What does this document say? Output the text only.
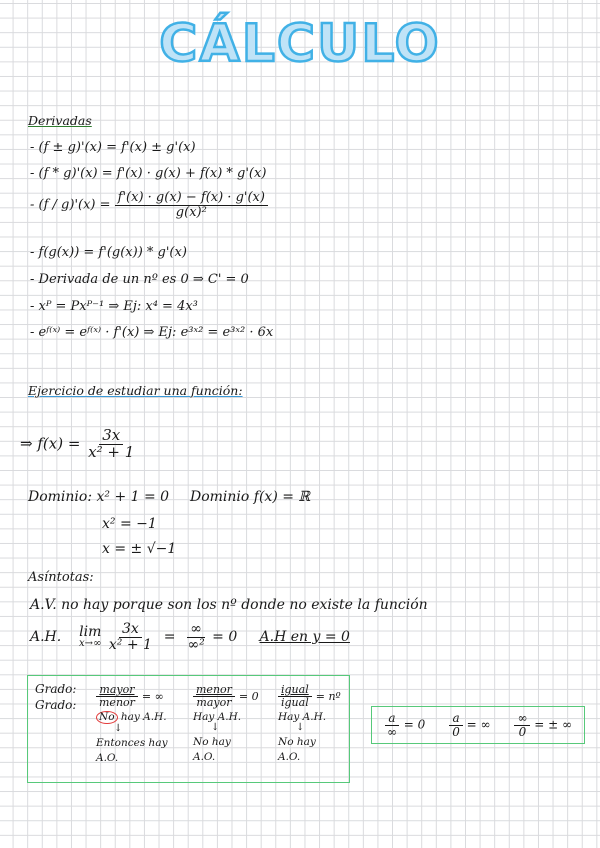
CÁLCULO
Derivadas
- (f ± g)'(x) = f'(x) ± g'(x)
- (f * g)'(x) = f'(x) · g(x) + f(x) * g'(x)
- $(f / g)'(x) = \frac{f'(x) \cdot g(x) - f(x) \cdot g'(x)}{\text{g(x)²}}$
- f(g(x)) = f'(g(x)) * g'(x)
- Derivada de un nº es 0 ⇒ C' = 0
- xᴾ = Pxᴾ⁻¹ ⇒ Ej: x⁴ = 4x³
- eᶠ⁽ˣ⁾ = eᶠ⁽ˣ⁾ · f'(x) ⇒ Ej: e³ˣ² = e³ˣ² · 6x
Ejercicio de estudiar una función:
⇒ $f(x) = \frac{3x}{\text{x² + 1}}$
Dominio: x² + 1 = 0 Dominio f(x) = ℝ
x² = −1
x = ± √−1
Asíntotas:
A.V. no hay porque son los nº donde no existe la función
A.H. lim
x→∞
$\frac{3x}{\text{x² + 1}} = \frac{\infty}{\text{∞²}} = 0$ A.H en y = 0
Grado:
Grado: $\frac{\text{mayor}}{\text{menor}}$ = ∞
No hay A.H.
↓
Entonces hay
A.O.
$\frac{\text{menor}}{\text{mayor}} = 0$
Hay A.H.
↓
No hay
A.O.
$\frac{\text{igual}}{\text{igual}}$ = nº
Hay A.H.
↓
No hay
A.O.
$\frac{a}{\infty} = 0 \frac{a}{0}$ = ∞ $\frac{\infty}{0}$ = ± ∞
